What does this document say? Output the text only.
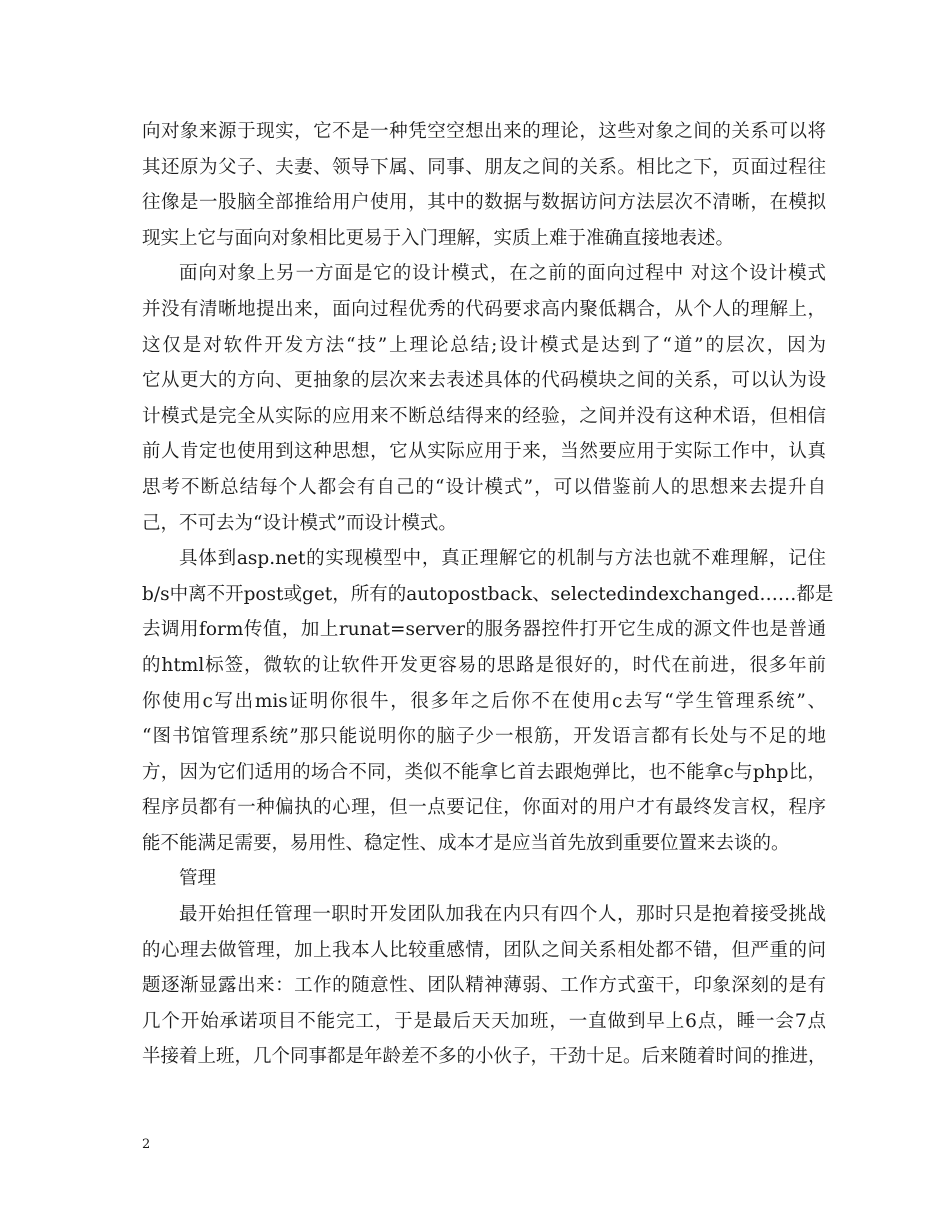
向对象来源于现实，它不是一种凭空空想出来的理论，这些对象之间的关系可以将
其还原为父子、夫妻、领导下属、同事、朋友之间的关系。相比之下，页面过程往
往像是一股脑全部推给用户使用，其中的数据与数据访问方法层次不清晰，在模拟
现实上它与面向对象相比更易于入门理解，实质上难于准确直接地表述。
面向对象上另一方面是它的设计模式，在之前的面向过程中 对这个设计模式
并没有清晰地提出来，面向过程优秀的代码要求高内聚低耦合，从个人的理解上，
这仅是对软件开发方法“技”上理论总结;设计模式是达到了“道”的层次，因为
它从更大的方向、更抽象的层次来去表述具体的代码模块之间的关系，可以认为设
计模式是完全从实际的应用来不断总结得来的经验，之间并没有这种术语，但相信
前人肯定也使用到这种思想，它从实际应用于来，当然要应用于实际工作中，认真
思考不断总结每个人都会有自己的“设计模式”，可以借鉴前人的思想来去提升自
己，不可去为“设计模式”而设计模式。
具体到asp.net的实现模型中，真正理解它的机制与方法也就不难理解，记住
b/s中离不开post或get，所有的autopostback、selectedindexchanged……都是
去调用form传值，加上runat=server的服务器控件打开它生成的源文件也是普通
的html标签，微软的让软件开发更容易的思路是很好的，时代在前进，很多年前
你使用c写出mis证明你很牛，很多年之后你不在使用c去写“学生管理系统”、
“图书馆管理系统”那只能说明你的脑子少一根筋，开发语言都有长处与不足的地
方，因为它们适用的场合不同，类似不能拿匕首去跟炮弹比，也不能拿c与php比，
程序员都有一种偏执的心理，但一点要记住，你面对的用户才有最终发言权，程序
能不能满足需要，易用性、稳定性、成本才是应当首先放到重要位置来去谈的。
管理
最开始担任管理一职时开发团队加我在内只有四个人，那时只是抱着接受挑战
的心理去做管理，加上我本人比较重感情，团队之间关系相处都不错，但严重的问
题逐渐显露出来：工作的随意性、团队精神薄弱、工作方式蛮干，印象深刻的是有
几个开始承诺项目不能完工，于是最后天天加班，一直做到早上6点，睡一会7点
半接着上班，几个同事都是年龄差不多的小伙子，干劲十足。后来随着时间的推进，
2
